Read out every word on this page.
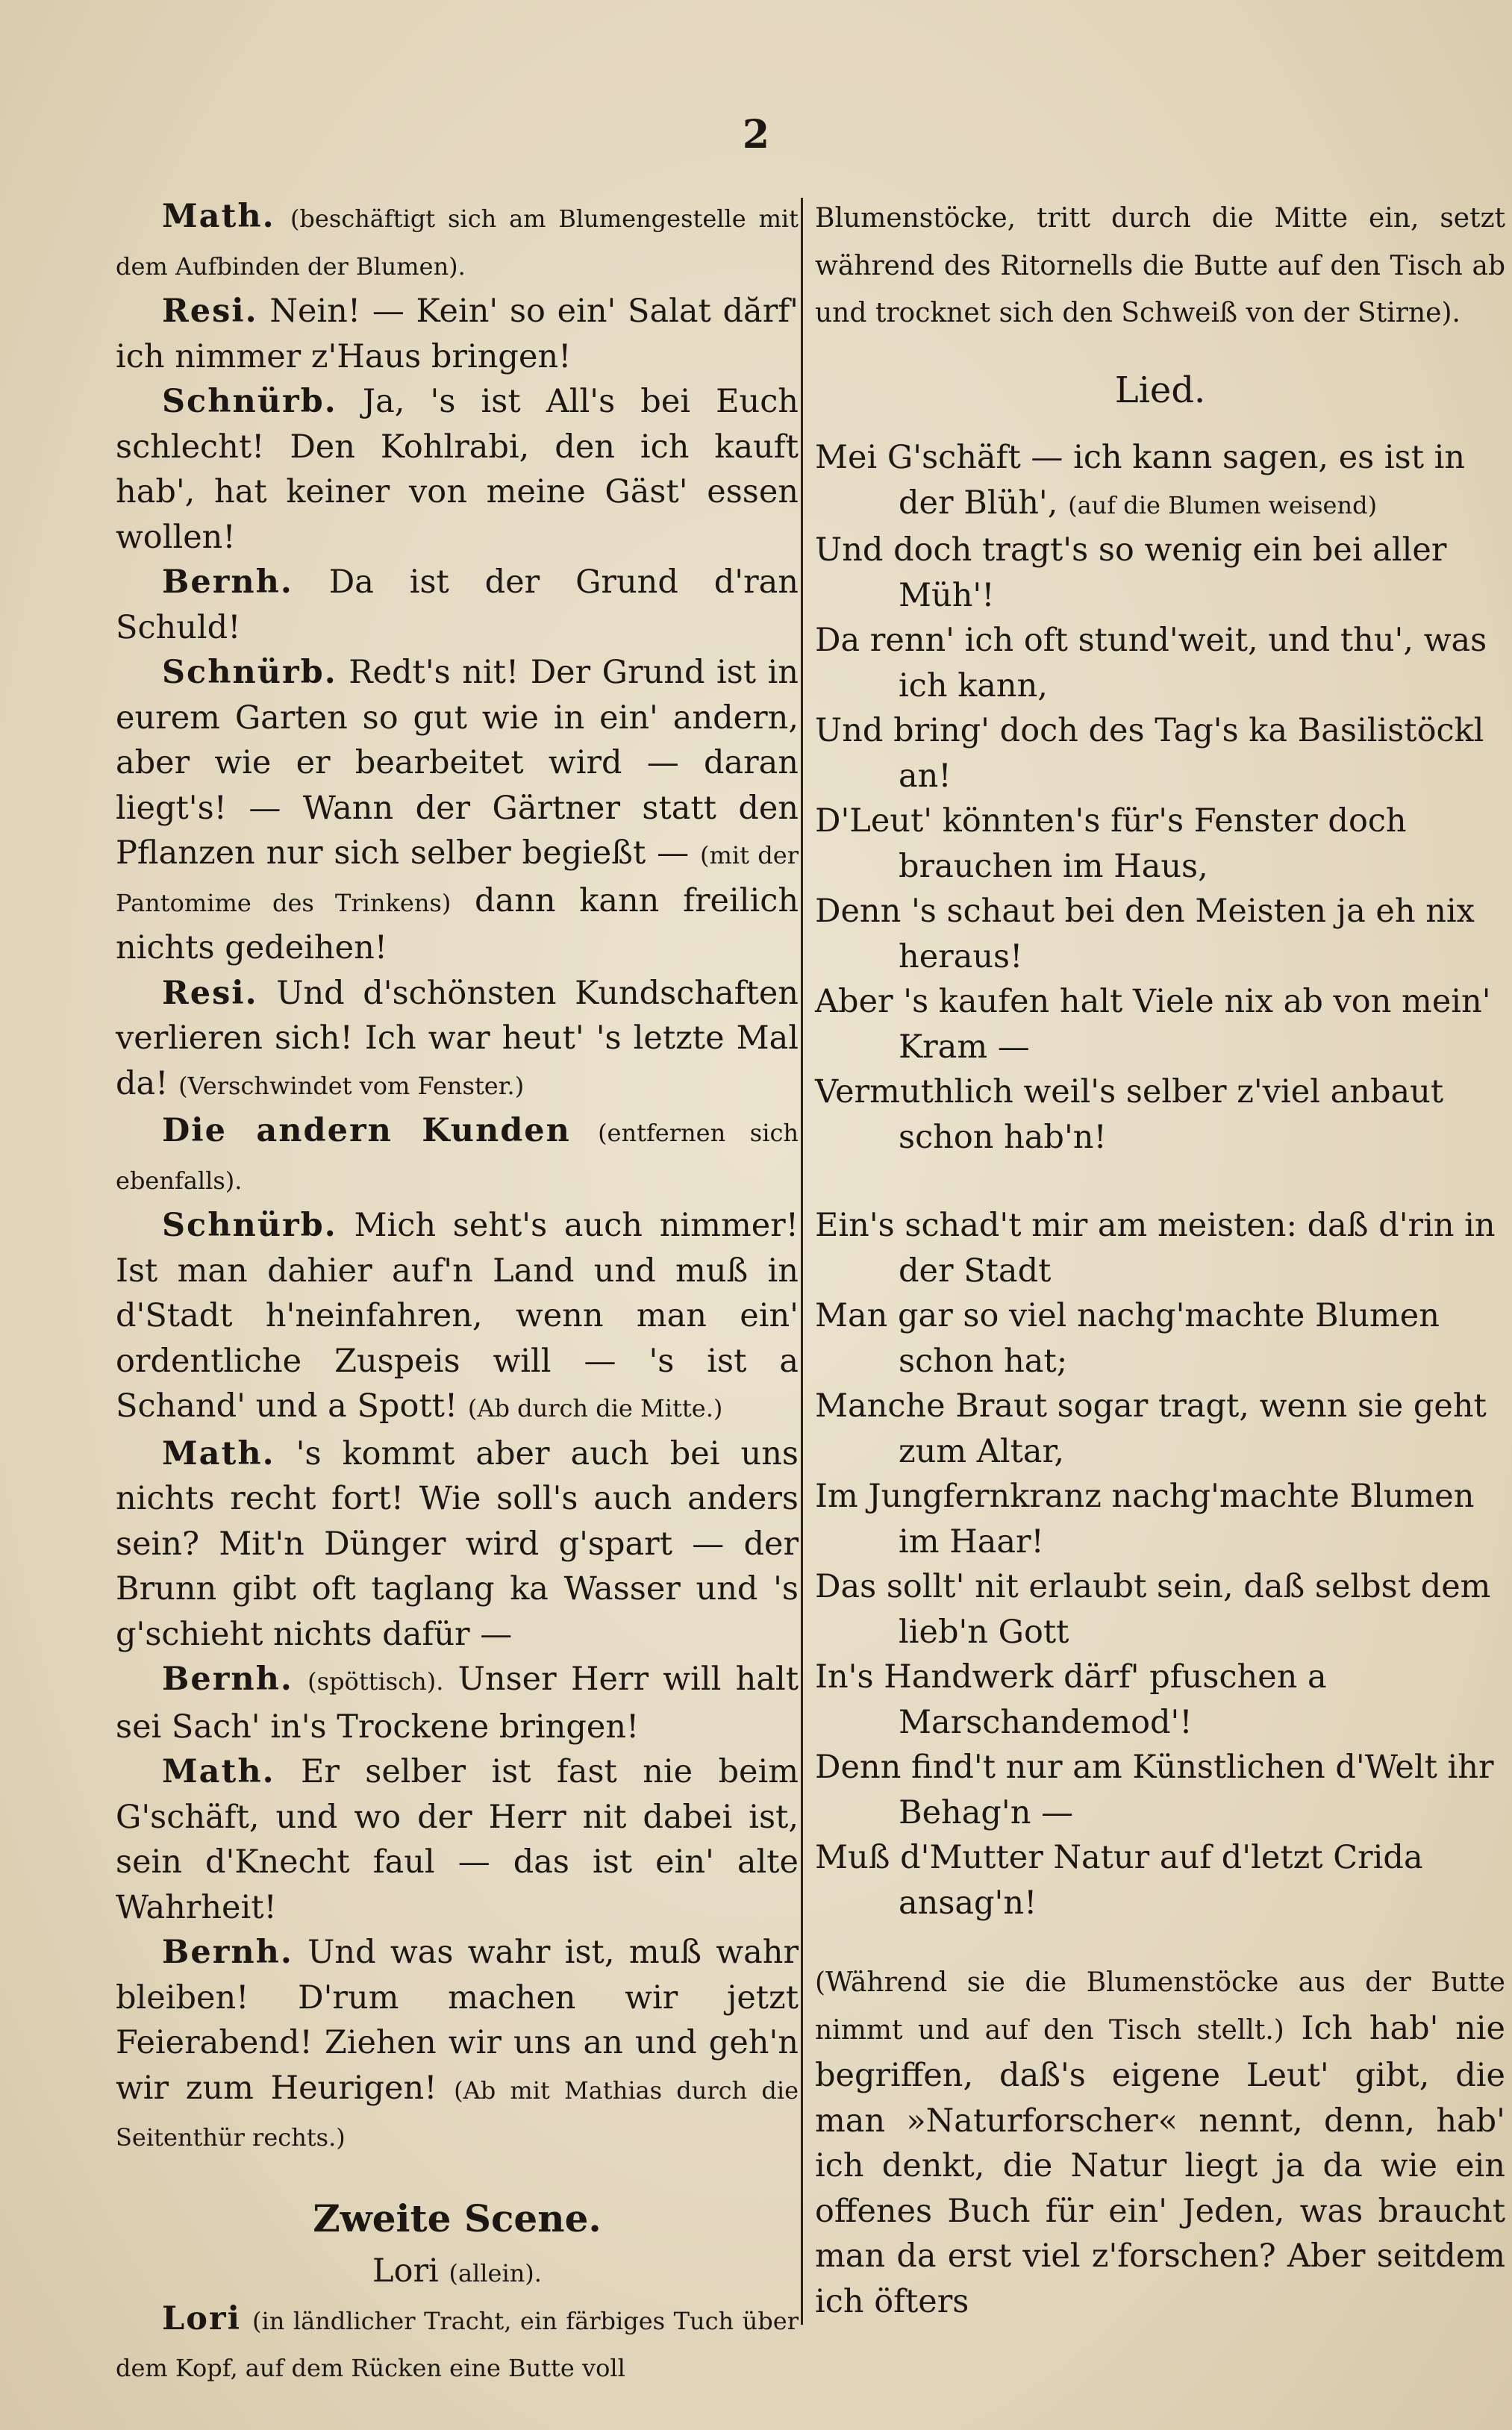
2

Math. (beschäftigt sich am Blumengestelle mit dem Aufbinden der Blumen).

Resi. Nein! — Kein' so ein' Salat dărf' ich nimmer z'Haus bringen!

Schnürb. Ja, 's ist All's bei Euch schlecht! Den Kohlrabi, den ich kauft hab', hat keiner von meine Gäst' essen wollen!

Bernh. Da ist der Grund d'ran Schuld!

Schnürb. Redt's nit! Der Grund ist in eurem Garten so gut wie in ein' andern, aber wie er bearbeitet wird — daran liegt's! — Wann der Gärtner statt den Pflanzen nur sich selber begießt — (mit der Pantomime des Trinkens) dann kann freilich nichts gedeihen!

Resi. Und d'schönsten Kundschaften verlieren sich! Ich war heut' 's letzte Mal da! (Verschwindet vom Fenster.)

Die andern Kunden (entfernen sich ebenfalls).

Schnürb. Mich seht's auch nimmer! Ist man dahier auf'n Land und muß in d'Stadt h'neinfahren, wenn man ein' ordentliche Zuspeis will — 's ist a Schand' und a Spott! (Ab durch die Mitte.)

Math. 's kommt aber auch bei uns nichts recht fort! Wie soll's auch anders sein? Mit'n Dünger wird g'spart — der Brunn gibt oft taglang ka Wasser und 's g'schieht nichts dafür —

Bernh. (spöttisch). Unser Herr will halt sei Sach' in's Trockene bringen!

Math. Er selber ist fast nie beim G'schäft, und wo der Herr nit dabei ist, sein d'Knecht faul — das ist ein' alte Wahrheit!

Bernh. Und was wahr ist, muß wahr bleiben! D'rum machen wir jetzt Feierabend! Ziehen wir uns an und geh'n wir zum Heurigen! (Ab mit Mathias durch die Seitenthür rechts.)

Zweite Scene.

Lori (allein).

Lori (in ländlicher Tracht, ein färbiges Tuch über dem Kopf, auf dem Rücken eine Butte voll

Blumenstöcke, tritt durch die Mitte ein, setzt während des Ritornells die Butte auf den Tisch ab und trocknet sich den Schweiß von der Stirne).

Lied.

Mei G'schäft — ich kann sagen, es ist in der Blüh', (auf die Blumen weisend)

Und doch tragt's so wenig ein bei aller Müh'!

Da renn' ich oft stund'weit, und thu', was ich kann,

Und bring' doch des Tag's ka Basilistöckl an!

D'Leut' könnten's für's Fenster doch brauchen im Haus,

Denn 's schaut bei den Meisten ja eh nix heraus!

Aber 's kaufen halt Viele nix ab von mein' Kram —

Vermuthlich weil's selber z'viel anbaut schon hab'n!

Ein's schad't mir am meisten: daß d'rin in der Stadt

Man gar so viel nachg'machte Blumen schon hat;

Manche Braut sogar tragt, wenn sie geht zum Altar,

Im Jungfernkranz nachg'machte Blumen im Haar!

Das sollt' nit erlaubt sein, daß selbst dem lieb'n Gott

In's Handwerk därf' pfuschen a Marschandemod'!

Denn find't nur am Künstlichen d'Welt ihr Behag'n —

Muß d'Mutter Natur auf d'letzt Crida ansag'n!

(Während sie die Blumenstöcke aus der Butte nimmt und auf den Tisch stellt.) Ich hab' nie begriffen, daß's eigene Leut' gibt, die man »Naturforscher« nennt, denn, hab' ich denkt, die Natur liegt ja da wie ein offenes Buch für ein' Jeden, was braucht man da erst viel z'forschen? Aber seitdem ich öfters
